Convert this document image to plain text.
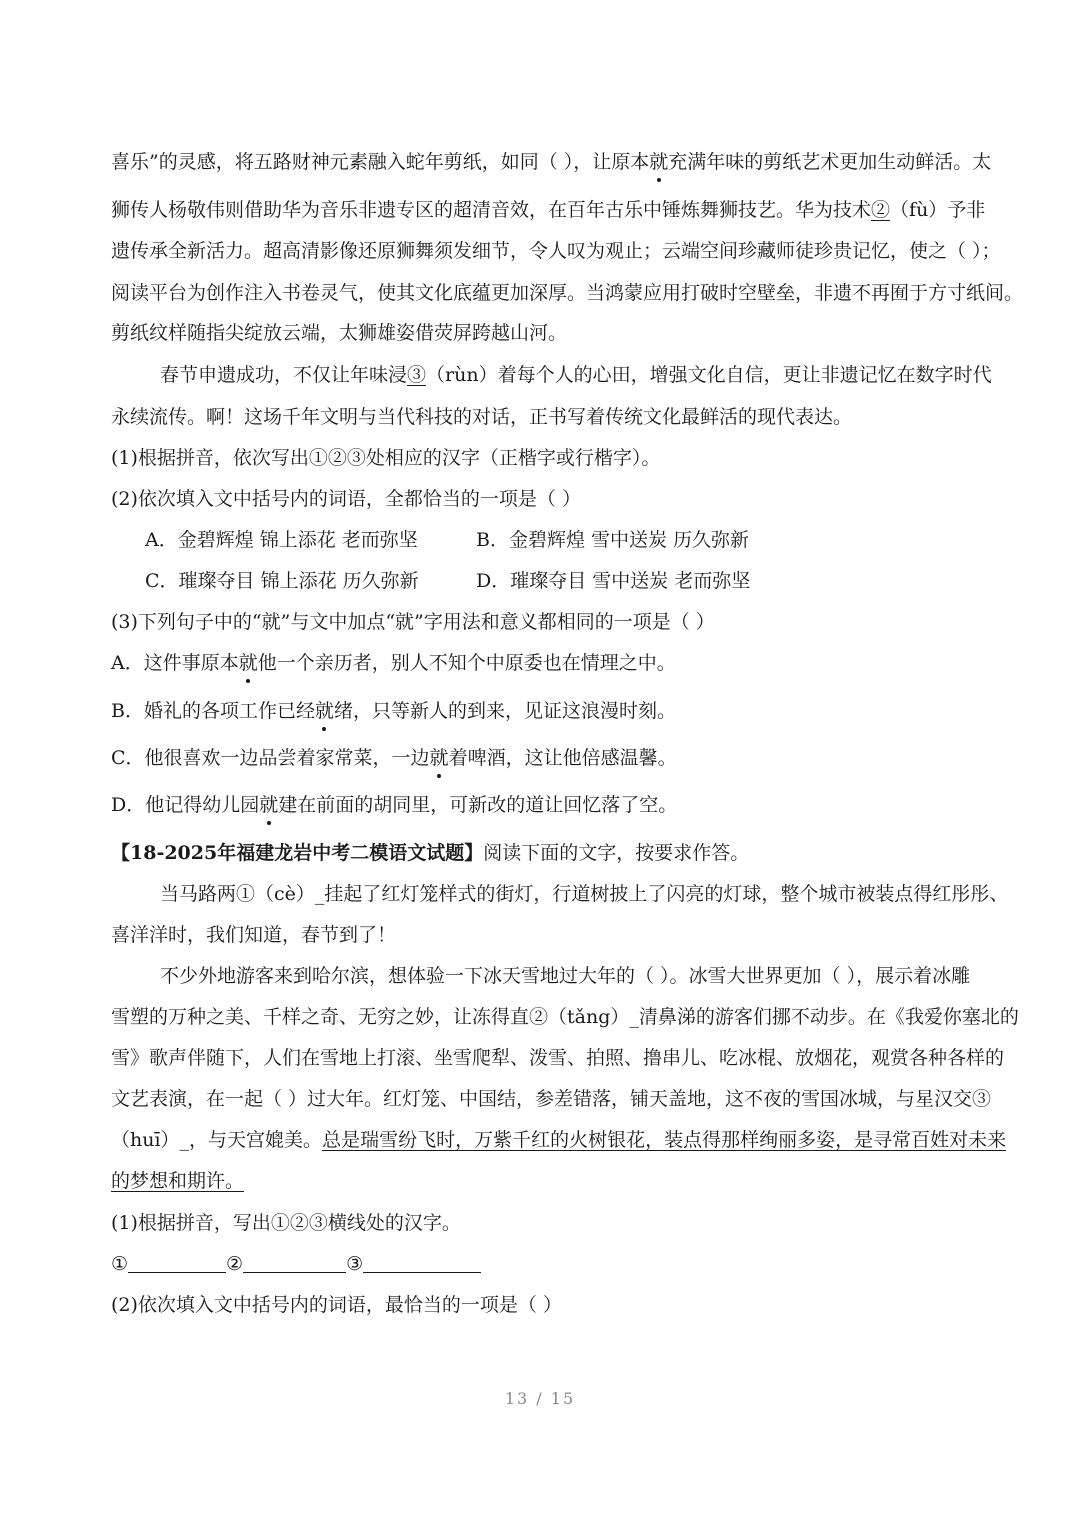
喜乐”的灵感，将五路财神元素融入蛇年剪纸，如同（ ），让原本就充满年味的剪纸艺术更加生动鲜活。太
狮传人杨敬伟则借助华为音乐非遗专区的超清音效，在百年古乐中锤炼舞狮技艺。华为技术②（fù）予非
遗传承全新活力。超高清影像还原狮舞须发细节，令人叹为观止；云端空间珍藏师徒珍贵记忆，使之（ ）；
阅读平台为创作注入书卷灵气，使其文化底蕴更加深厚。当鸿蒙应用打破时空壁垒，非遗不再囿于方寸纸间。
剪纸纹样随指尖绽放云端，太狮雄姿借荧屏跨越山河。
春节申遗成功，不仅让年味浸③（rùn）着每个人的心田，增强文化自信，更让非遗记忆在数字时代
永续流传。啊！这场千年文明与当代科技的对话，正书写着传统文化最鲜活的现代表达。
(1)根据拼音，依次写出①②③处相应的汉字（正楷字或行楷字）。
(2)依次填入文中括号内的词语，全都恰当的一项是（ ）
A．金碧辉煌 锦上添花 老而弥坚	B．金碧辉煌 雪中送炭 历久弥新
C．璀璨夺目 锦上添花 历久弥新	D．璀璨夺目 雪中送炭 老而弥坚
(3)下列句子中的“就”与文中加点“就”字用法和意义都相同的一项是（ ）
A．这件事原本就他一个亲历者，别人不知个中原委也在情理之中。
B．婚礼的各项工作已经就绪，只等新人的到来，见证这浪漫时刻。
C．他很喜欢一边品尝着家常菜，一边就着啤酒，这让他倍感温馨。
D．他记得幼儿园就建在前面的胡同里，可新改的道让回忆落了空。
【18-2025年福建龙岩中考二模语文试题】阅读下面的文字，按要求作答。
当马路两①（cè）_挂起了红灯笼样式的街灯，行道树披上了闪亮的灯球，整个城市被装点得红彤彤、
喜洋洋时，我们知道，春节到了！
不少外地游客来到哈尔滨，想体验一下冰天雪地过大年的（ ）。冰雪大世界更加（ ），展示着冰雕
雪塑的万种之美、千样之奇、无穷之妙，让冻得直②（tǎng）_清鼻涕的游客们挪不动步。在《我爱你塞北的
雪》歌声伴随下，人们在雪地上打滚、坐雪爬犁、泼雪、拍照、撸串儿、吃冰棍、放烟花，观赏各种各样的
文艺表演，在一起（ ）过大年。红灯笼、中国结，参差错落，铺天盖地，这不夜的雪国冰城，与星汉交③
（huī）_，与天宫媲美。总是瑞雪纷飞时，万紫千红的火树银花，装点得那样绚丽多姿，是寻常百姓对未来
的梦想和期许。
(1)根据拼音，写出①②③横线处的汉字。
①	②	③
(2)依次填入文中括号内的词语，最恰当的一项是（ ）
13 / 15
